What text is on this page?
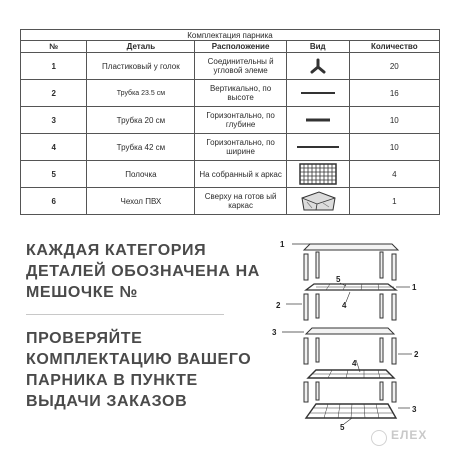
Комплектация парника				
№	Деталь	Расположение	Вид	Количество
1	Пластиковый у голок	Соединительны й угловой элеме		20
2	Трубка 23.5 см	Вертикально, по высоте		16
3	Трубка 20 см	Горизонтально, по глубине		10
4	Трубка 42 см	Горизонтально, по ширине		10
5	Полочка	На собранный к аркас		4
6	Чехол ПВХ	Сверху на готов ый каркас		1
КАЖДАЯ КАТЕГОРИЯ ДЕТАЛЕЙ ОБОЗНАЧЕНА НА МЕШОЧКЕ №
ПРОВЕРЯЙТЕ КОМПЛЕКТАЦИЮ ВАШЕГО ПАРНИКА В ПУНКТЕ ВЫДАЧИ ЗАКАЗОВ
1
5
4
2
1
3
2
4
3
5
ЕЛЕХ
